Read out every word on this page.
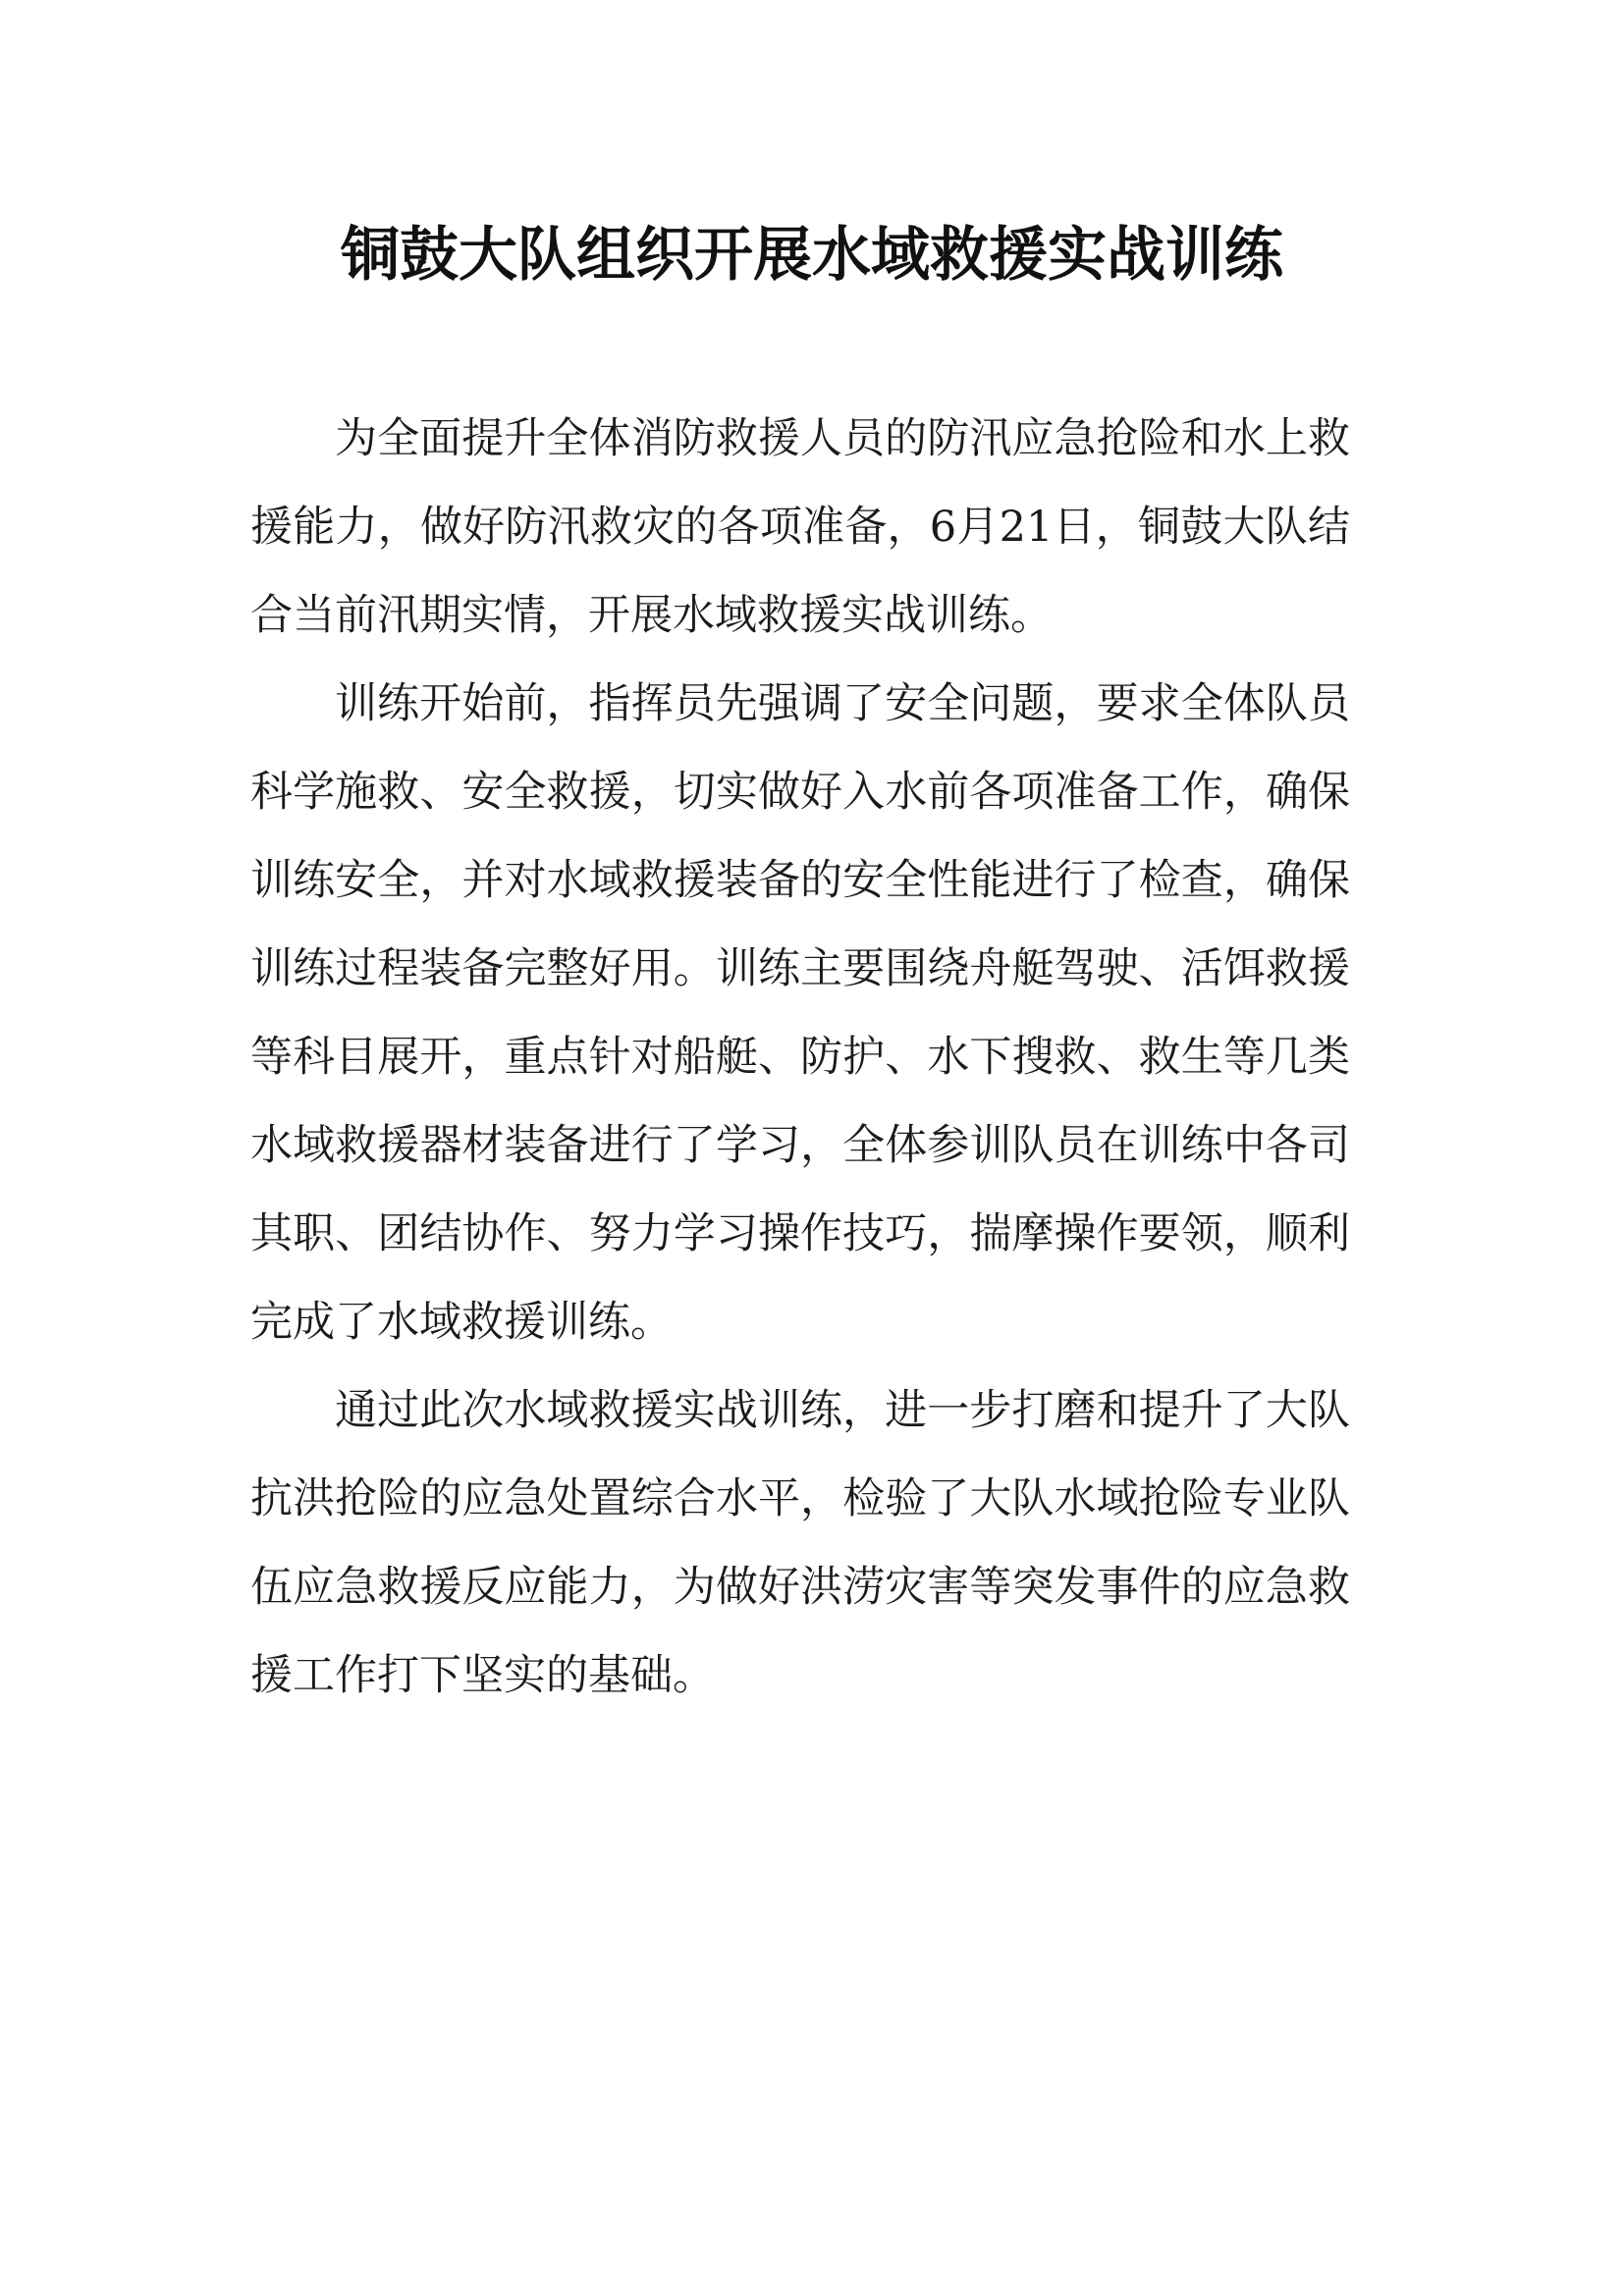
铜鼓大队组织开展水域救援实战训练

为全面提升全体消防救援人员的防汛应急抢险和水上救援能力，做好防汛救灾的各项准备，6月21日，铜鼓大队结合当前汛期实情，开展水域救援实战训练。

训练开始前，指挥员先强调了安全问题，要求全体队员科学施救、安全救援，切实做好入水前各项准备工作，确保训练安全，并对水域救援装备的安全性能进行了检查，确保训练过程装备完整好用。训练主要围绕舟艇驾驶、活饵救援等科目展开，重点针对船艇、防护、水下搜救、救生等几类水域救援器材装备进行了学习，全体参训队员在训练中各司其职、团结协作、努力学习操作技巧，揣摩操作要领，顺利完成了水域救援训练。

通过此次水域救援实战训练，进一步打磨和提升了大队抗洪抢险的应急处置综合水平，检验了大队水域抢险专业队伍应急救援反应能力，为做好洪涝灾害等突发事件的应急救援工作打下坚实的基础。
